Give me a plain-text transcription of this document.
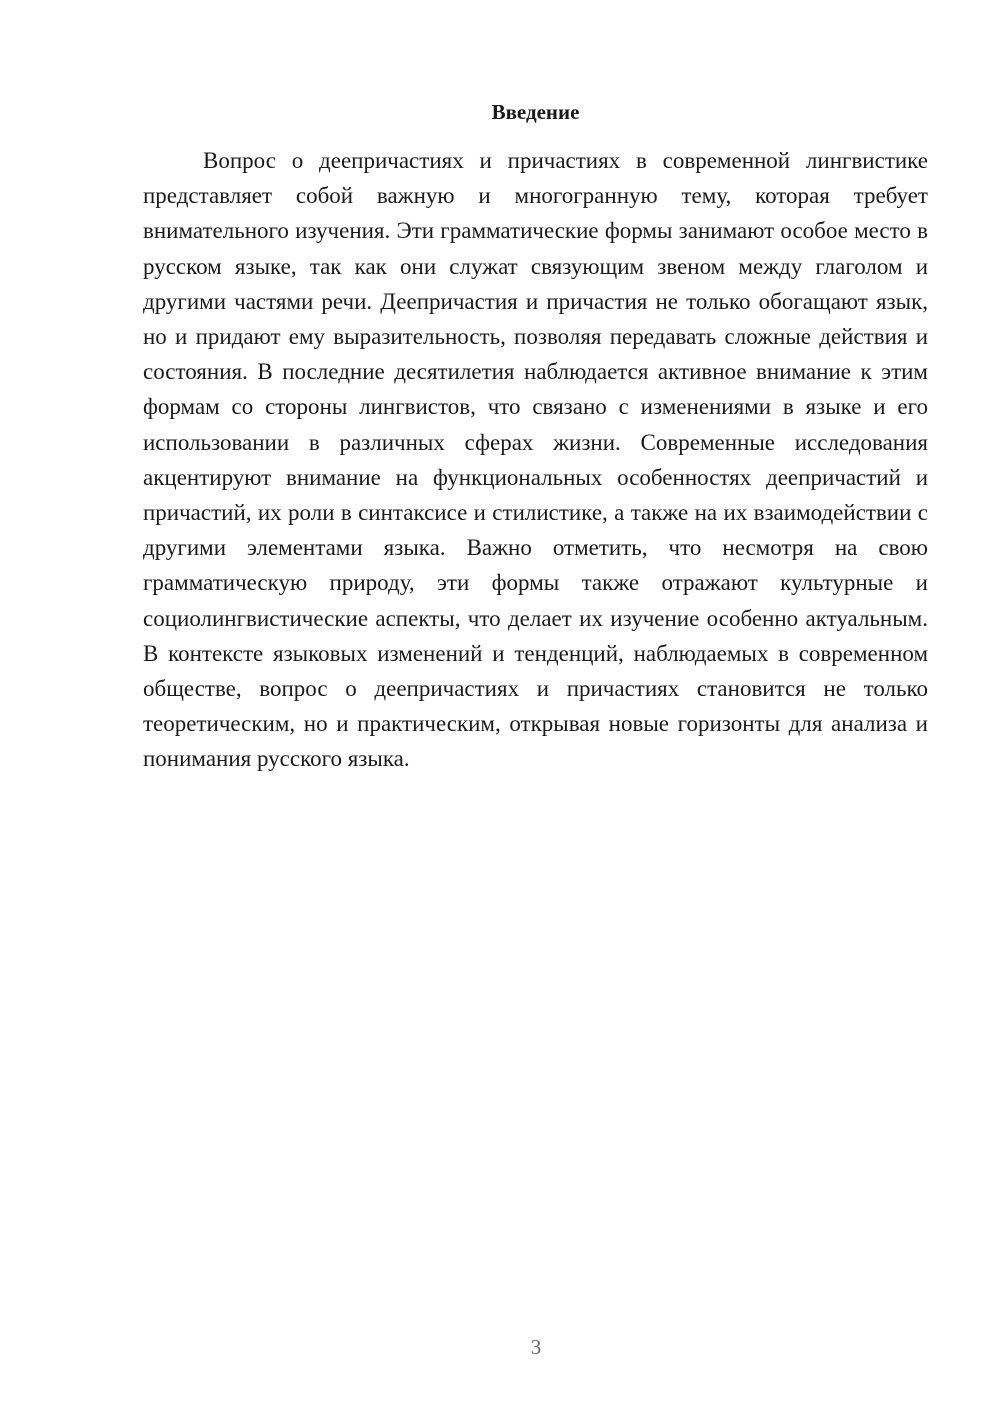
Введение

Вопрос о деепричастиях и причастиях в современной лингвистике представляет собой важную и многогранную тему, которая требует внимательного изучения. Эти грамматические формы занимают особое место в русском языке, так как они служат связующим звеном между глаголом и другими частями речи. Деепричастия и причастия не только обогащают язык, но и придают ему выразительность, позволяя передавать сложные действия и состояния. В последние десятилетия наблюдается активное внимание к этим формам со стороны лингвистов, что связано с изменениями в языке и его использовании в различных сферах жизни. Современные исследования акцентируют внимание на функциональных особенностях деепричастий и причастий, их роли в синтаксисе и стилистике, а также на их взаимодействии с другими элементами языка. Важно отметить, что несмотря на свою грамматическую природу, эти формы также отражают культурные и социолингвистические аспекты, что делает их изучение особенно актуальным. В контексте языковых изменений и тенденций, наблюдаемых в современном обществе, вопрос о деепричастиях и причастиях становится не только теоретическим, но и практическим, открывая новые горизонты для анализа и понимания русского языка.

3
